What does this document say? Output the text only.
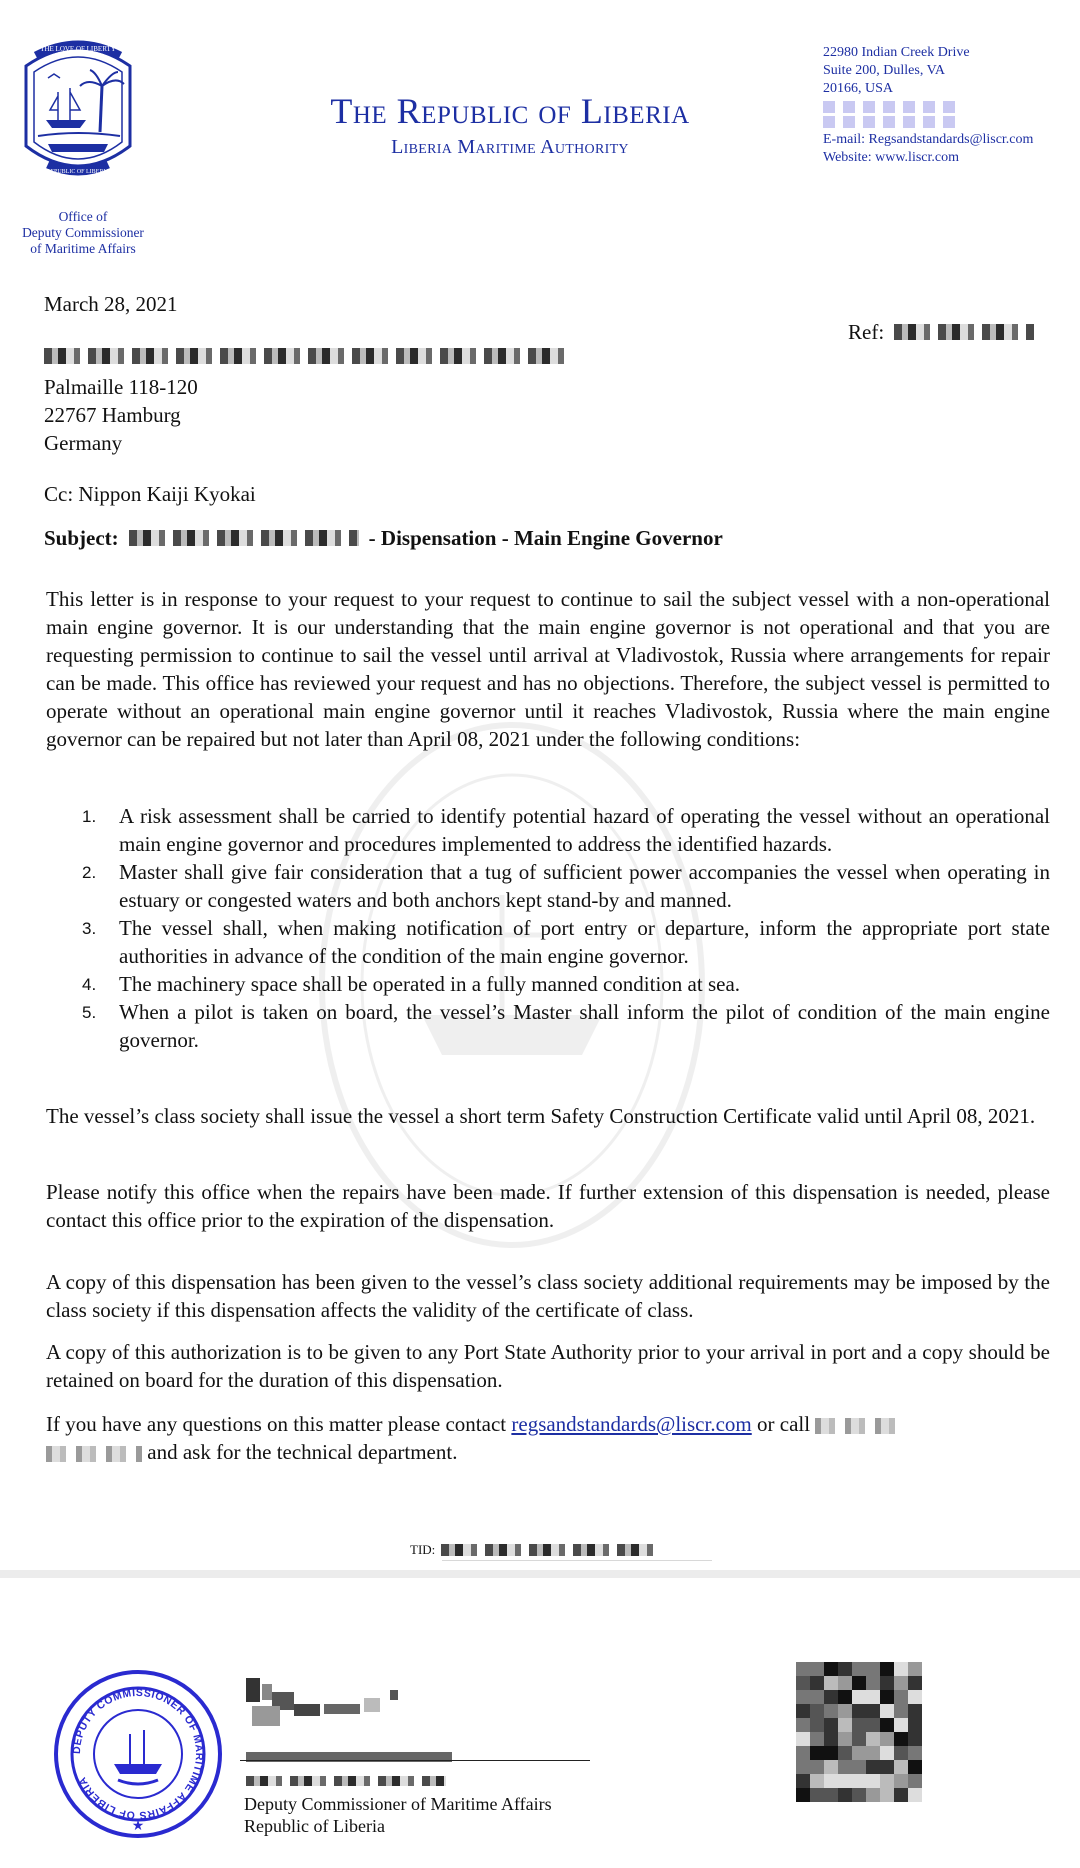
THE LOVE OF LIBERTY
REPUBLIC OF LIBERIA
The Republic of Liberia
Liberia Maritime Authority
Office of
Deputy Commissioner
of Maritime Affairs
22980 Indian Creek Drive
Suite 200, Dulles, VA
20166, USA
E-mail: Regsandstandards@liscr.com
Website: www.liscr.com
March 28, 2021
Ref:
Palmaille 118-120
22767 Hamburg
Germany
Cc: Nippon Kaiji Kyokai
Subject:	- Dispensation - Main Engine Governor

This letter is in response to your request to your request to continue to sail the subject vessel with a non-operational main engine governor. It is our understanding that the main engine governor is not operational and that you are requesting permission to continue to sail the vessel until arrival at Vladivostok, Russia where arrangements for repair can be made. This office has reviewed your request and has no objections. Therefore, the subject vessel is permitted to operate without an operational main engine governor until it reaches Vladivostok, Russia where the main engine governor can be repaired but not later than April 08, 2021 under the following conditions:

1. A risk assessment shall be carried to identify potential hazard of operating the vessel without an operational main engine governor and procedures implemented to address the identified hazards.
2. Master shall give fair consideration that a tug of sufficient power accompanies the vessel when operating in estuary or congested waters and both anchors kept stand-by and manned.
3. The vessel shall, when making notification of port entry or departure, inform the appropriate port state authorities in advance of the condition of the main engine governor.
4. The machinery space shall be operated in a fully manned condition at sea.
5. When a pilot is taken on board, the vessel’s Master shall inform the pilot of condition of the main engine governor.

The vessel’s class society shall issue the vessel a short term Safety Construction Certificate valid until April 08, 2021.

Please notify this office when the repairs have been made. If further extension of this dispensation is needed, please contact this office prior to the expiration of the dispensation.

A copy of this dispensation has been given to the vessel’s class society additional requirements may be imposed by the class society if this dispensation affects the validity of the certificate of class.

A copy of this authorization is to be given to any Port State Authority prior to your arrival in port and a copy should be retained on board for the duration of this dispensation.

If you have any questions on this matter please contact regsandstandards@liscr.com or call
and ask for the technical department.

TID:
DEPUTY COMMISSIONER OF MARITIME AFFAIRS OF LIBERIA
★
Deputy Commissioner of Maritime Affairs
Republic of Liberia
